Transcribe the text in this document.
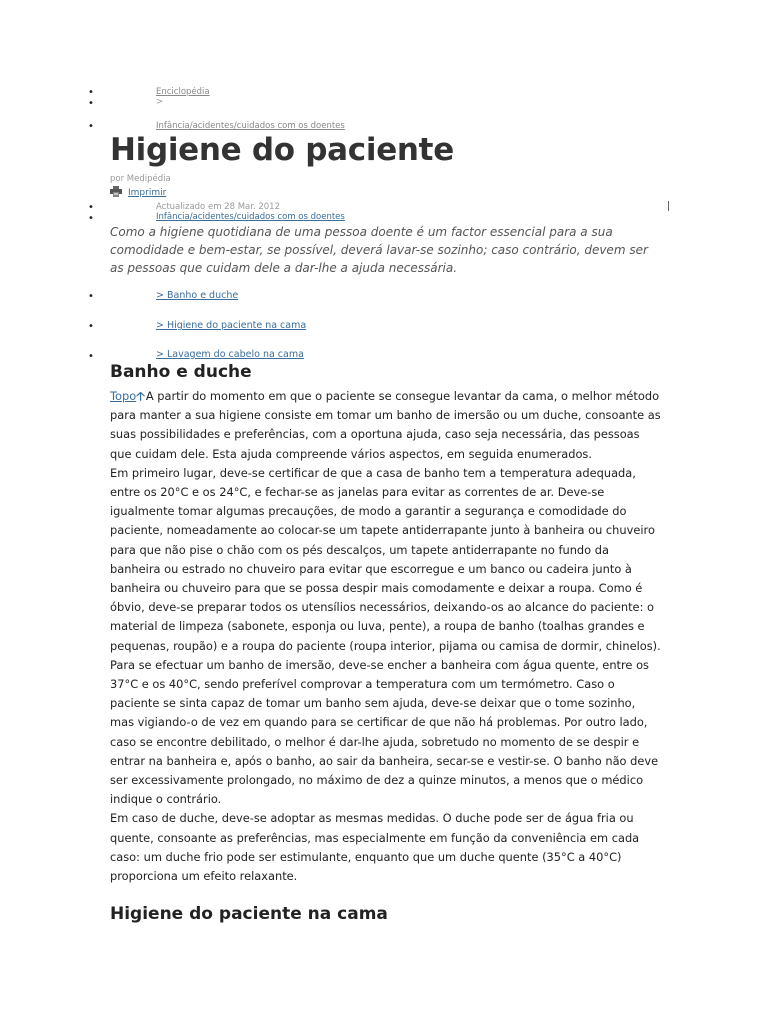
•	Enciclopédia
•	>
•	Infância/acidentes/cuidados com os doentes
Higiene do paciente
por Medipédia
Imprimir
•	Actualizado em 28 Mar. 2012
•	Infância/acidentes/cuidados com os doentes
Como a higiene quotidiana de uma pessoa doente é um factor essencial para a sua comodidade e bem-estar, se possível, deverá lavar-se sozinho; caso contrário, devem ser as pessoas que cuidam dele a dar-lhe a ajuda necessária.
•	> Banho e duche
•	> Higiene do paciente na cama
•	> Lavagem do cabelo na cama
Banho e duche

Topo🡡A partir do momento em que o paciente se consegue levantar da cama, o melhor método para manter a sua higiene consiste em tomar um banho de imersão ou um duche, consoante as suas possibilidades e preferências, com a oportuna ajuda, caso seja necessária, das pessoas que cuidam dele. Esta ajuda compreende vários aspectos, em seguida enumerados.

Em primeiro lugar, deve-se certificar de que a casa de banho tem a temperatura adequada, entre os 20°C e os 24°C, e fechar-se as janelas para evitar as correntes de ar. Deve-se igualmente tomar algumas precauções, de modo a garantir a segurança e comodidade do paciente, nomeadamente ao colocar-se um tapete antiderrapante junto à banheira ou chuveiro para que não pise o chão com os pés descalços, um tapete antiderrapante no fundo da banheira ou estrado no chuveiro para evitar que escorregue e um banco ou cadeira junto à banheira ou chuveiro para que se possa despir mais comodamente e deixar a roupa. Como é óbvio, deve-se preparar todos os utensílios necessários, deixando-os ao alcance do paciente: o material de limpeza (sabonete, esponja ou luva, pente), a roupa de banho (toalhas grandes e pequenas, roupão) e a roupa do paciente (roupa interior, pijama ou camisa de dormir, chinelos).

Para se efectuar um banho de imersão, deve-se encher a banheira com água quente, entre os 37°C e os 40°C, sendo preferível comprovar a temperatura com um termómetro. Caso o paciente se sinta capaz de tomar um banho sem ajuda, deve-se deixar que o tome sozinho, mas vigiando-o de vez em quando para se certificar de que não há problemas. Por outro lado, caso se encontre debilitado, o melhor é dar-lhe ajuda, sobretudo no momento de se despir e entrar na banheira e, após o banho, ao sair da banheira, secar-se e vestir-se. O banho não deve ser excessivamente prolongado, no máximo de dez a quinze minutos, a menos que o médico indique o contrário.

Em caso de duche, deve-se adoptar as mesmas medidas. O duche pode ser de água fria ou quente, consoante as preferências, mas especialmente em função da conveniência em cada caso: um duche frio pode ser estimulante, enquanto que um duche quente (35°C a 40°C) proporciona um efeito relaxante.

Higiene do paciente na cama
